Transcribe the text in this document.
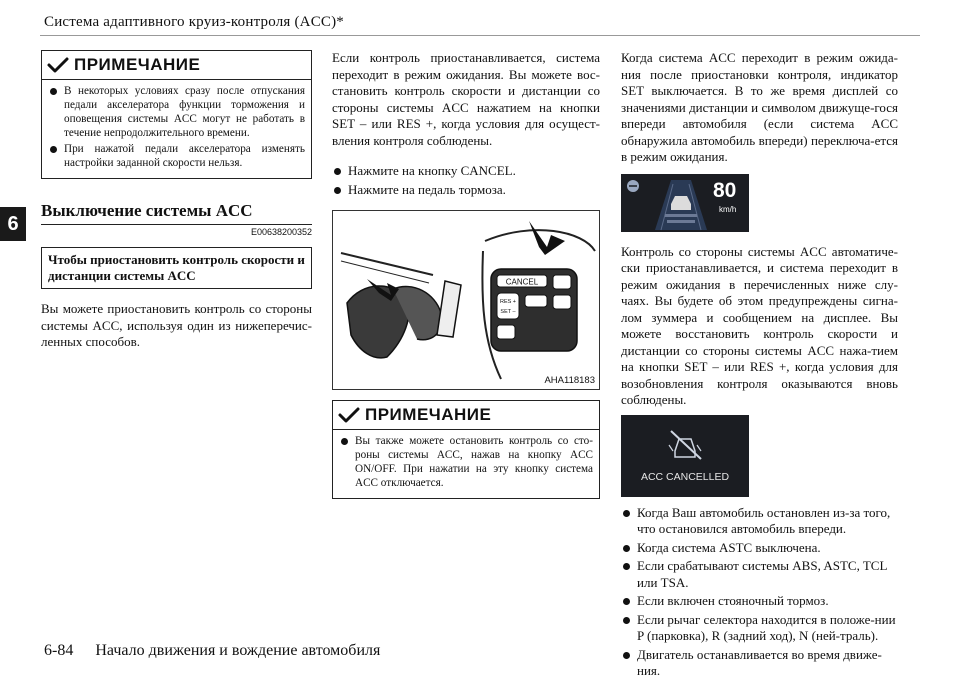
Система адаптивного круиз-контроля (ACC)*
6
ПРИМЕЧАНИЕ
В некоторых условиях сразу после отпускания педали акселератора функции торможения и оповещения системы ACC могут не работать в течение непродолжительного времени.
При нажатой педали акселератора изменять настройки заданной скорости нельзя.
Выключение системы ACC
E00638200352
Чтобы приостановить контроль скорости и дистанции системы ACC
Вы можете приостановить контроль со стороны системы ACC, используя один из нижеперечис-ленных способов.
Если контроль приостанавливается, система переходит в режим ожидания. Вы можете вос-становить контроль скорости и дистанции со стороны системы ACC нажатием на кнопки SET – или RES +, когда условия для осущест-вления контроля соблюдены.
Нажмите на кнопку CANCEL.
Нажмите на педаль тормоза.
CANCEL
RES +
SET –
AHA118183
ПРИМЕЧАНИЕ
Вы также можете остановить контроль со сто-роны системы ACC, нажав на кнопку ACC ON/OFF. При нажатии на эту кнопку система ACC отключается.
Когда система ACC переходит в режим ожида-ния после приостановки контроля, индикатор SET выключается. В то же время дисплей со значениями дистанции и символом движуще-гося впереди автомобиля (если система ACC обнаружила автомобиль впереди) переключа-ется в режим ожидания.
80
km/h
Контроль со стороны системы ACC автоматиче-ски приостанавливается, и система переходит в режим ожидания в перечисленных ниже слу-чаях. Вы будете об этом предупреждены сигна-лом зуммера и сообщением на дисплее. Вы можете восстановить контроль скорости и дистанции со стороны системы ACC нажа-тием на кнопки SET – или RES +, когда условия для возобновления контроля оказываются вновь соблюдены.
ACC CANCELLED
Когда Ваш автомобиль остановлен из-за того, что остановился автомобиль впереди.
Когда система ASTC выключена.
Если срабатывают системы ABS, ASTC, TCL или TSA.
Если включен стояночный тормоз.
Если рычаг селектора находится в положе-нии P (парковка), R (задний ход), N (ней-траль).
Двигатель останавливается во время движе-ния.
6-84 Начало движения и вождение автомобиля
